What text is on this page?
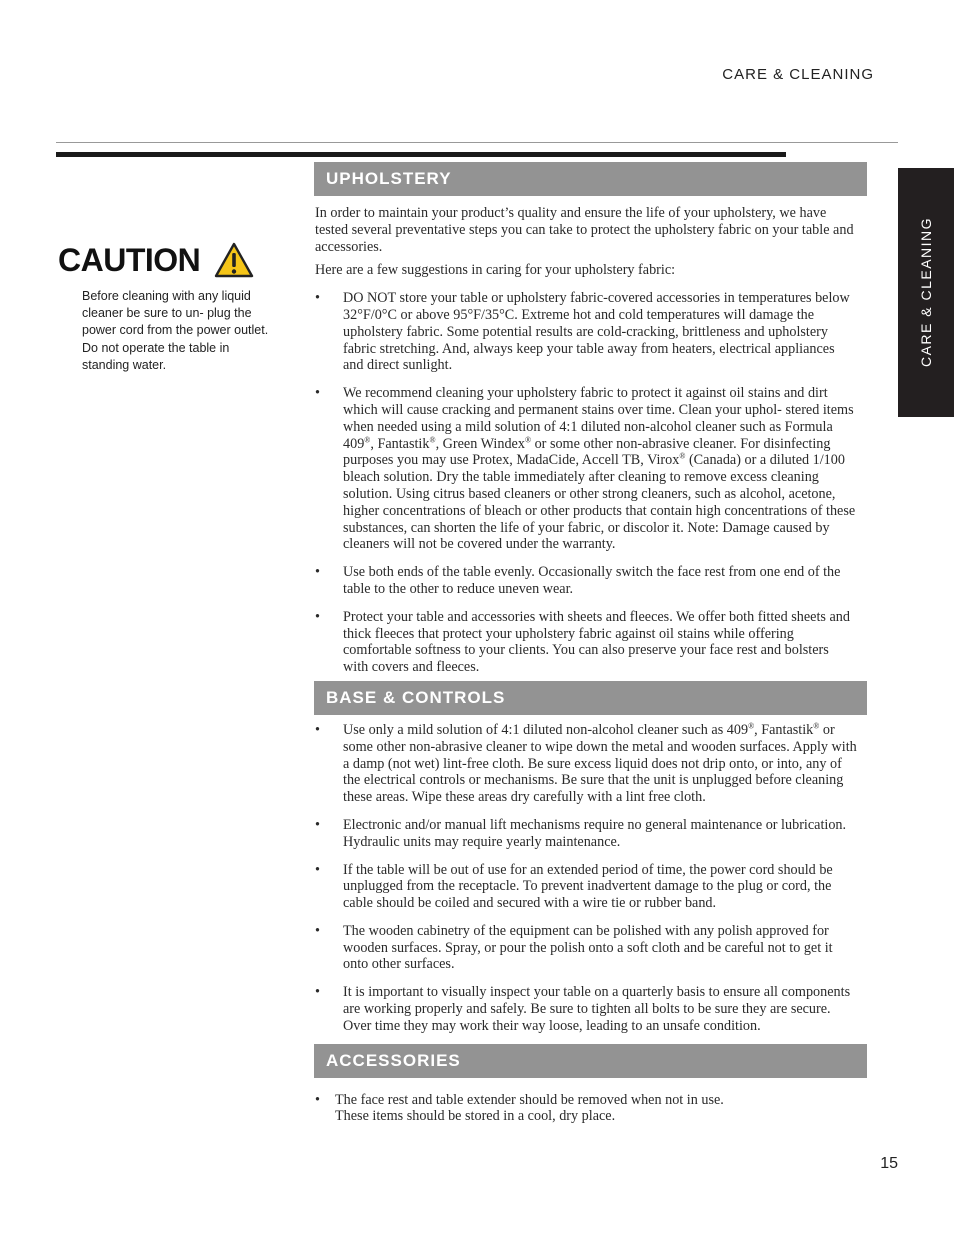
CARE & CLEANING
CARE & CLEANING
CAUTION
Before cleaning with any liquid cleaner be sure to un- plug the power cord from the power outlet. Do not operate the table in standing water.
UPHOLSTERY

In order to maintain your product’s quality and ensure the life of your upholstery, we have tested several preventative steps you can take to protect the upholstery fabric on your table and accessories.

Here are a few suggestions in caring for your upholstery fabric:

• DO NOT store your table or upholstery fabric-covered accessories in temperatures below 32°F/0°C or above 95°F/35°C. Extreme hot and cold temperatures will damage the upholstery fabric. Some potential results are cold-cracking, brittleness and upholstery fabric stretching. And, always keep your table away from heaters, electrical appliances and direct sunlight.
• We recommend cleaning your upholstery fabric to protect it against oil stains and dirt which will cause cracking and permanent stains over time. Clean your uphol- stered items when needed using a mild solution of 4:1 diluted non-alcohol cleaner such as Formula 409®, Fantastik®, Green Windex® or some other non-abrasive cleaner. For disinfecting purposes you may use Protex, MadaCide, Accell TB, Virox® (Canada) or a diluted 1/100 bleach solution. Dry the table immediately after cleaning to remove excess cleaning solution. Using citrus based cleaners or other strong cleaners, such as alcohol, acetone, higher concentrations of bleach or other products that contain high concentrations of these substances, can shorten the life of your fabric, or discolor it. Note: Damage caused by cleaners will not be covered under the warranty.
• Use both ends of the table evenly. Occasionally switch the face rest from one end of the table to the other to reduce uneven wear.
• Protect your table and accessories with sheets and fleeces. We offer both fitted sheets and thick fleeces that protect your upholstery fabric against oil stains while offering comfortable softness to your clients. You can also preserve your face rest and bolsters with covers and fleeces.
BASE & CONTROLS
• Use only a mild solution of 4:1 diluted non-alcohol cleaner such as 409®, Fantastik® or some other non-abrasive cleaner to wipe down the metal and wooden surfaces. Apply with a damp (not wet) lint-free cloth. Be sure excess liquid does not drip onto, or into, any of the electrical controls or mechanisms. Be sure that the unit is unplugged before cleaning these areas. Wipe these areas dry carefully with a lint free cloth.
• Electronic and/or manual lift mechanisms require no general maintenance or lubrication. Hydraulic units may require yearly maintenance.
• If the table will be out of use for an extended period of time, the power cord should be unplugged from the receptacle. To prevent inadvertent damage to the plug or cord, the cable should be coiled and secured with a wire tie or rubber band.
• The wooden cabinetry of the equipment can be polished with any polish approved for wooden surfaces. Spray, or pour the polish onto a soft cloth and be careful not to get it onto other surfaces.
• It is important to visually inspect your table on a quarterly basis to ensure all components are working properly and safely. Be sure to tighten all bolts to be sure they are secure. Over time they may work their way loose, leading to an unsafe condition.
ACCESSORIES
• The face rest and table extender should be removed when not in use.
These items should be stored in a cool, dry place.
15
